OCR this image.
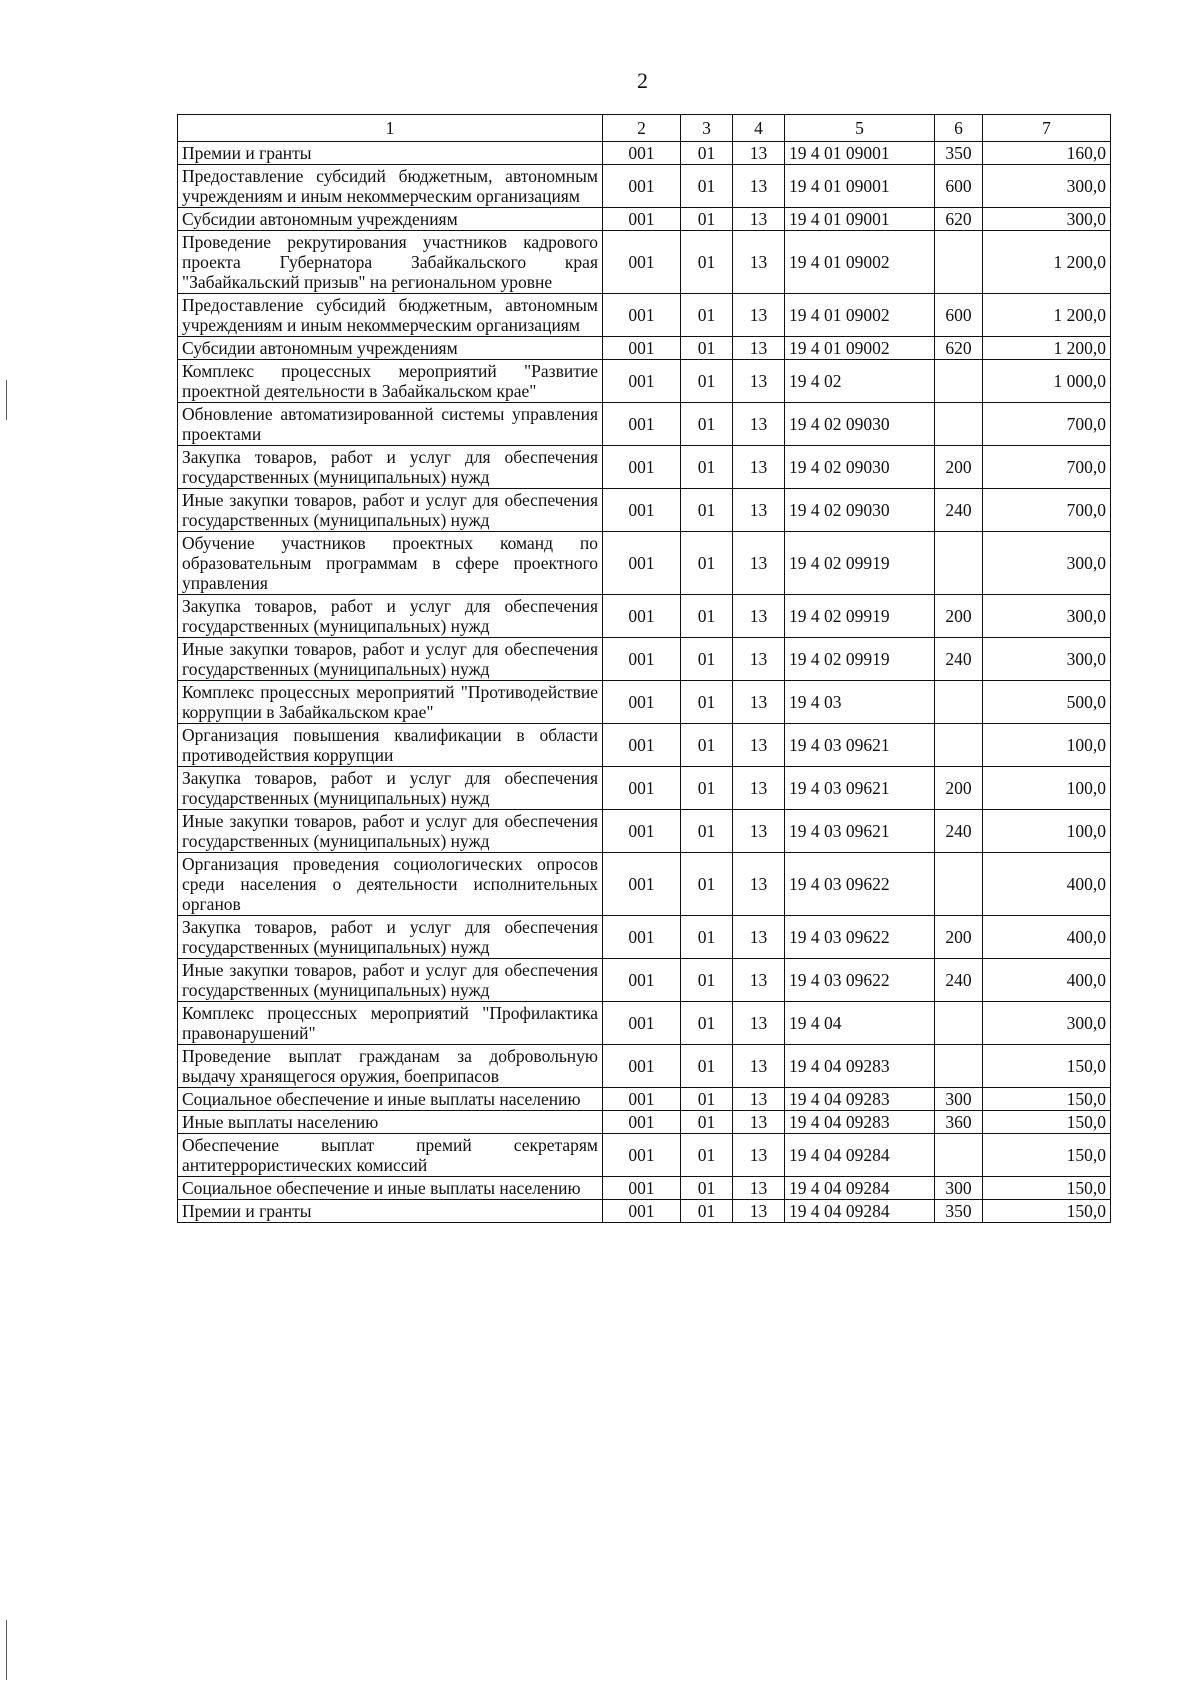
2
1	2	3	4	5	6	7
Премии и гранты	001	01	13	19 4 01 09001	350	160,0
Предоставление субсидий бюджетным, автономным учреждениям и иным некоммерческим организациям	001	01	13	19 4 01 09001	600	300,0
Субсидии автономным учреждениям	001	01	13	19 4 01 09001	620	300,0
Проведение рекрутирования участников кадрового проекта Губернатора Забайкальского края "Забайкальский призыв" на региональном уровне	001	01	13	19 4 01 09002		1 200,0
Предоставление субсидий бюджетным, автономным учреждениям и иным некоммерческим организациям	001	01	13	19 4 01 09002	600	1 200,0
Субсидии автономным учреждениям	001	01	13	19 4 01 09002	620	1 200,0
Комплекс процессных мероприятий "Развитие проектной деятельности в Забайкальском крае"	001	01	13	19 4 02		1 000,0
Обновление автоматизированной системы управления проектами	001	01	13	19 4 02 09030		700,0
Закупка товаров, работ и услуг для обеспечения государственных (муниципальных) нужд	001	01	13	19 4 02 09030	200	700,0
Иные закупки товаров, работ и услуг для обеспечения государственных (муниципальных) нужд	001	01	13	19 4 02 09030	240	700,0
Обучение участников проектных команд по образовательным программам в сфере проектного управления	001	01	13	19 4 02 09919		300,0
Закупка товаров, работ и услуг для обеспечения государственных (муниципальных) нужд	001	01	13	19 4 02 09919	200	300,0
Иные закупки товаров, работ и услуг для обеспечения государственных (муниципальных) нужд	001	01	13	19 4 02 09919	240	300,0
Комплекс процессных мероприятий "Противодействие коррупции в Забайкальском крае"	001	01	13	19 4 03		500,0
Организация повышения квалификации в области противодействия коррупции	001	01	13	19 4 03 09621		100,0
Закупка товаров, работ и услуг для обеспечения государственных (муниципальных) нужд	001	01	13	19 4 03 09621	200	100,0
Иные закупки товаров, работ и услуг для обеспечения государственных (муниципальных) нужд	001	01	13	19 4 03 09621	240	100,0
Организация проведения социологических опросов среди населения о деятельности исполнительных органов	001	01	13	19 4 03 09622		400,0
Закупка товаров, работ и услуг для обеспечения государственных (муниципальных) нужд	001	01	13	19 4 03 09622	200	400,0
Иные закупки товаров, работ и услуг для обеспечения государственных (муниципальных) нужд	001	01	13	19 4 03 09622	240	400,0
Комплекс процессных мероприятий "Профилактика правонарушений"	001	01	13	19 4 04		300,0
Проведение выплат гражданам за добровольную выдачу хранящегося оружия, боеприпасов	001	01	13	19 4 04 09283		150,0
Социальное обеспечение и иные выплаты населению	001	01	13	19 4 04 09283	300	150,0
Иные выплаты населению	001	01	13	19 4 04 09283	360	150,0
Обеспечение выплат премий секретарям антитеррористических комиссий	001	01	13	19 4 04 09284		150,0
Социальное обеспечение и иные выплаты населению	001	01	13	19 4 04 09284	300	150,0
Премии и гранты	001	01	13	19 4 04 09284	350	150,0
